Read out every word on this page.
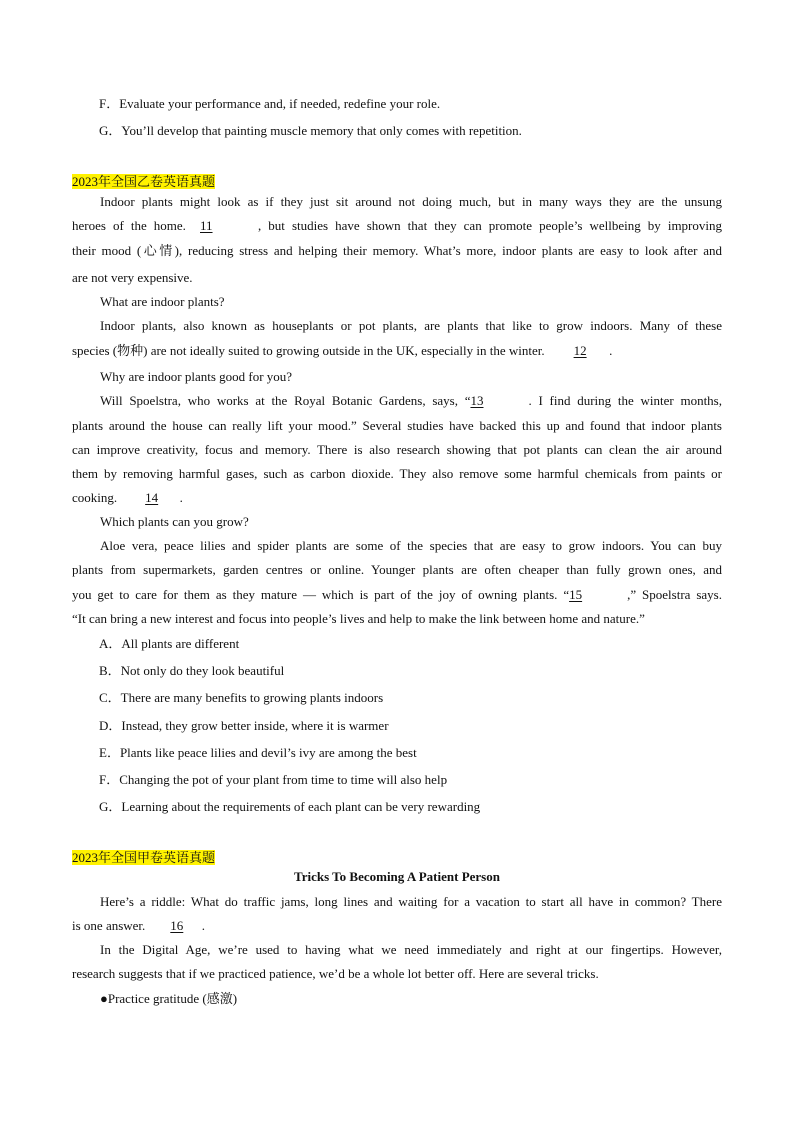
F．Evaluate your performance and, if needed, redefine your role.
G．You’ll develop that painting muscle memory that only comes with repetition.
2023年全国乙卷英语真题
Indoor plants might look as if they just sit around not doing much, but in many ways they are the unsung
heroes of the home. 11	, but studies have shown that they can promote people’s wellbeing by improving
their mood (心情), reducing stress and helping their memory. What’s more, indoor plants are easy to look after and
are not very expensive.
What are indoor plants?
Indoor plants, also known as houseplants or pot plants, are plants that like to grow indoors. Many of these
species (物种) are not ideally suited to growing outside in the UK, especially in the winter. 12 .
Why are indoor plants good for you?
Will Spoelstra, who works at the Royal Botanic Gardens, says, “13	. I find during the winter months,
plants around the house can really lift your mood.” Several studies have backed this up and found that indoor plants
can improve creativity, focus and memory. There is also research showing that pot plants can clean the air around
them by removing harmful gases, such as carbon dioxide. They also remove some harmful chemicals from paints or
cooking. 14 .
Which plants can you grow?
Aloe vera, peace lilies and spider plants are some of the species that are easy to grow indoors. You can buy
plants from supermarkets, garden centres or online. Younger plants are often cheaper than fully grown ones, and
you get to care for them as they mature — which is part of the joy of owning plants. “15	,” Spoelstra says.
“It can bring a new interest and focus into people’s lives and help to make the link between home and nature.”
A．All plants are different
B．Not only do they look beautiful
C．There are many benefits to growing plants indoors
D．Instead, they grow better inside, where it is warmer
E．Plants like peace lilies and devil’s ivy are among the best
F．Changing the pot of your plant from time to time will also help
G．Learning about the requirements of each plant can be very rewarding
2023年全国甲卷英语真题
Tricks To Becoming A Patient Person
Here’s a riddle: What do traffic jams, long lines and waiting for a vacation to start all have in common? There
is one answer. 16 .
In the Digital Age, we’re used to having what we need immediately and right at our fingertips. However,
research suggests that if we practiced patience, we’d be a whole lot better off. Here are several tricks.
●Practice gratitude (感激)
